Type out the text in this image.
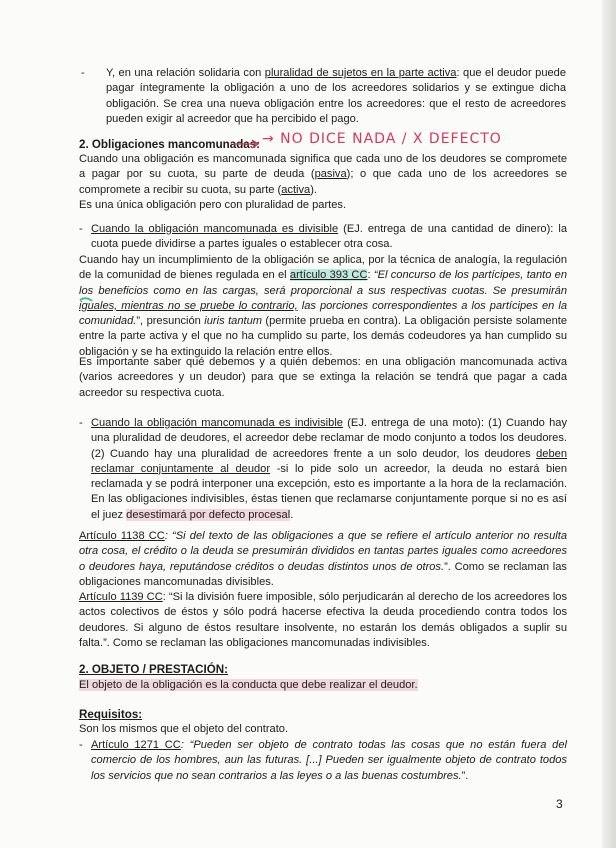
- Y, en una relación solidaria con pluralidad de sujetos en la parte activa: que el deudor puede pagar íntegramente la obligación a uno de los acreedores solidarios y se extingue dicha obligación. Se crea una nueva obligación entre los acreedores: que el resto de acreedores pueden exigir al acreedor que ha percibido el pago.
2. Obligaciones mancomunadas: → NO DICE NADA / X DEFECTO
Cuando una obligación es mancomunada significa que cada uno de los deudores se compromete a pagar por su cuota, su parte de deuda (pasiva); o que cada uno de los acreedores se compromete a recibir su cuota, su parte (activa).
Es una única obligación pero con pluralidad de partes.
- Cuando la obligación mancomunada es divisible (EJ. entrega de una cantidad de dinero): la cuota puede dividirse a partes iguales o establecer otra cosa.
Cuando hay un incumplimiento de la obligación se aplica, por la técnica de analogía, la regulación de la comunidad de bienes regulada en el artículo 393 CC: “El concurso de los partícipes, tanto en los beneficios como en las cargas, será proporcional a sus respectivas cuotas. Se presumirán iguales, mientras no se pruebe lo contrario, las porciones correspondientes a los partícipes en la comunidad.”, presunción iuris tantum (permite prueba en contra). La obligación persiste solamente entre la parte activa y el que no ha cumplido su parte, los demás codeudores ya han cumplido su obligación y se ha extinguido la relación entre ellos.
Es importante saber qué debemos y a quién debemos: en una obligación mancomunada activa (varios acreedores y un deudor) para que se extinga la relación se tendrá que pagar a cada acreedor su respectiva cuota.
- Cuando la obligación mancomunada es indivisible (EJ. entrega de una moto): (1) Cuando hay una pluralidad de deudores, el acreedor debe reclamar de modo conjunto a todos los deudores. (2) Cuando hay una pluralidad de acreedores frente a un solo deudor, los deudores deben reclamar conjuntamente al deudor -si lo pide solo un acreedor, la deuda no estará bien reclamada y se podrá interponer una excepción, esto es importante a la hora de la reclamación. En las obligaciones indivisibles, éstas tienen que reclamarse conjuntamente porque si no es así el juez desestimará por defecto procesal.
Artículo 1138 CC: “Si del texto de las obligaciones a que se refiere el artículo anterior no resulta otra cosa, el crédito o la deuda se presumirán divididos en tantas partes iguales como acreedores o deudores haya, reputándose créditos o deudas distintos unos de otros.”. Como se reclaman las obligaciones mancomunadas divisibles.
Artículo 1139 CC: “Si la división fuere imposible, sólo perjudicarán al derecho de los acreedores los actos colectivos de éstos y sólo podrá hacerse efectiva la deuda procediendo contra todos los deudores. Si alguno de éstos resultare insolvente, no estarán los demás obligados a suplir su falta.”. Como se reclaman las obligaciones mancomunadas indivisibles.
2. OBJETO / PRESTACIÓN:
El objeto de la obligación es la conducta que debe realizar el deudor.
Requisitos:
Son los mismos que el objeto del contrato.
- Artículo 1271 CC: “Pueden ser objeto de contrato todas las cosas que no están fuera del comercio de los hombres, aun las futuras. [...] Pueden ser igualmente objeto de contrato todos los servicios que no sean contrarios a las leyes o a las buenas costumbres.”.
3
